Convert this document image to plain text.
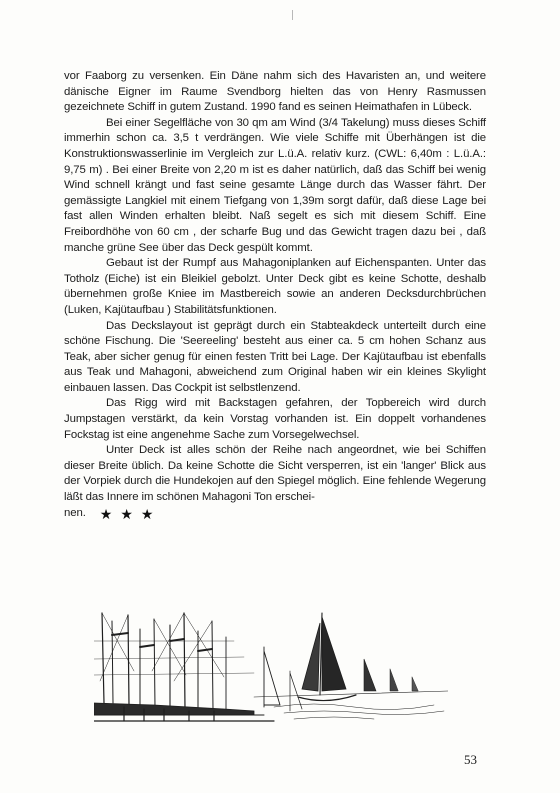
vor Faaborg zu versenken. Ein Däne nahm sich des Havaristen an, und weitere dänische Eigner im Raume Svendborg hielten das von Henry Rasmussen gezeichnete Schiff in gutem Zustand. 1990 fand es seinen Heimathafen in Lübeck.

Bei einer Segelfläche von 30 qm am Wind (3/4 Takelung) muss dieses Schiff immerhin schon ca. 3,5 t verdrängen. Wie viele Schiffe mit Überhängen ist die Konstruktionswasserlinie im Vergleich zur L.ü.A. relativ kurz. (CWL: 6,40m : L.ü.A.: 9,75 m) . Bei einer Breite von 2,20 m ist es daher natürlich, daß das Schiff bei wenig Wind schnell krängt und fast seine gesamte Länge durch das Wasser fährt. Der gemässigte Langkiel mit einem Tiefgang von 1,39m sorgt dafür, daß diese Lage bei fast allen Winden erhalten bleibt. Naß segelt es sich mit diesem Schiff. Eine Freibordhöhe von 60 cm , der scharfe Bug und das Gewicht tragen dazu bei , daß manche grüne See über das Deck gespült kommt.

Gebaut ist der Rumpf aus Mahagoniplanken auf Eichenspanten. Unter das Totholz (Eiche) ist ein Bleikiel gebolzt. Unter Deck gibt es keine Schotte, deshalb übernehmen große Kniee im Mastbereich sowie an anderen Decksdurchbrüchen (Luken, Kajütaufbau ) Stabilitätsfunktionen.

Das Deckslayout ist geprägt durch ein Stabteakdeck unterteilt durch eine schöne Fischung. Die 'Seereeling' besteht aus einer ca. 5 cm hohen Schanz aus Teak, aber sicher genug für einen festen Tritt bei Lage. Der Kajütaufbau ist ebenfalls aus Teak und Mahagoni, abweichend zum Original haben wir ein kleines Skylight einbauen lassen. Das Cockpit ist selbstlenzend.

Das Rigg wird mit Backstagen gefahren, der Topbereich wird durch Jumpstagen verstärkt, da kein Vorstag vorhanden ist. Ein doppelt vorhandenes Fockstag ist eine angenehme Sache zum Vorsegelwechsel.

Unter Deck ist alles schön der Reihe nach angeordnet, wie bei Schiffen dieser Breite üblich. Da keine Schotte die Sicht versperren, ist ein 'langer' Blick aus der Vorpiek durch die Hundekojen auf den Spiegel möglich. Eine fehlende Wegerung läßt das Innere im schönen Mahagoni Ton erschei-

nen. ★★★
53
